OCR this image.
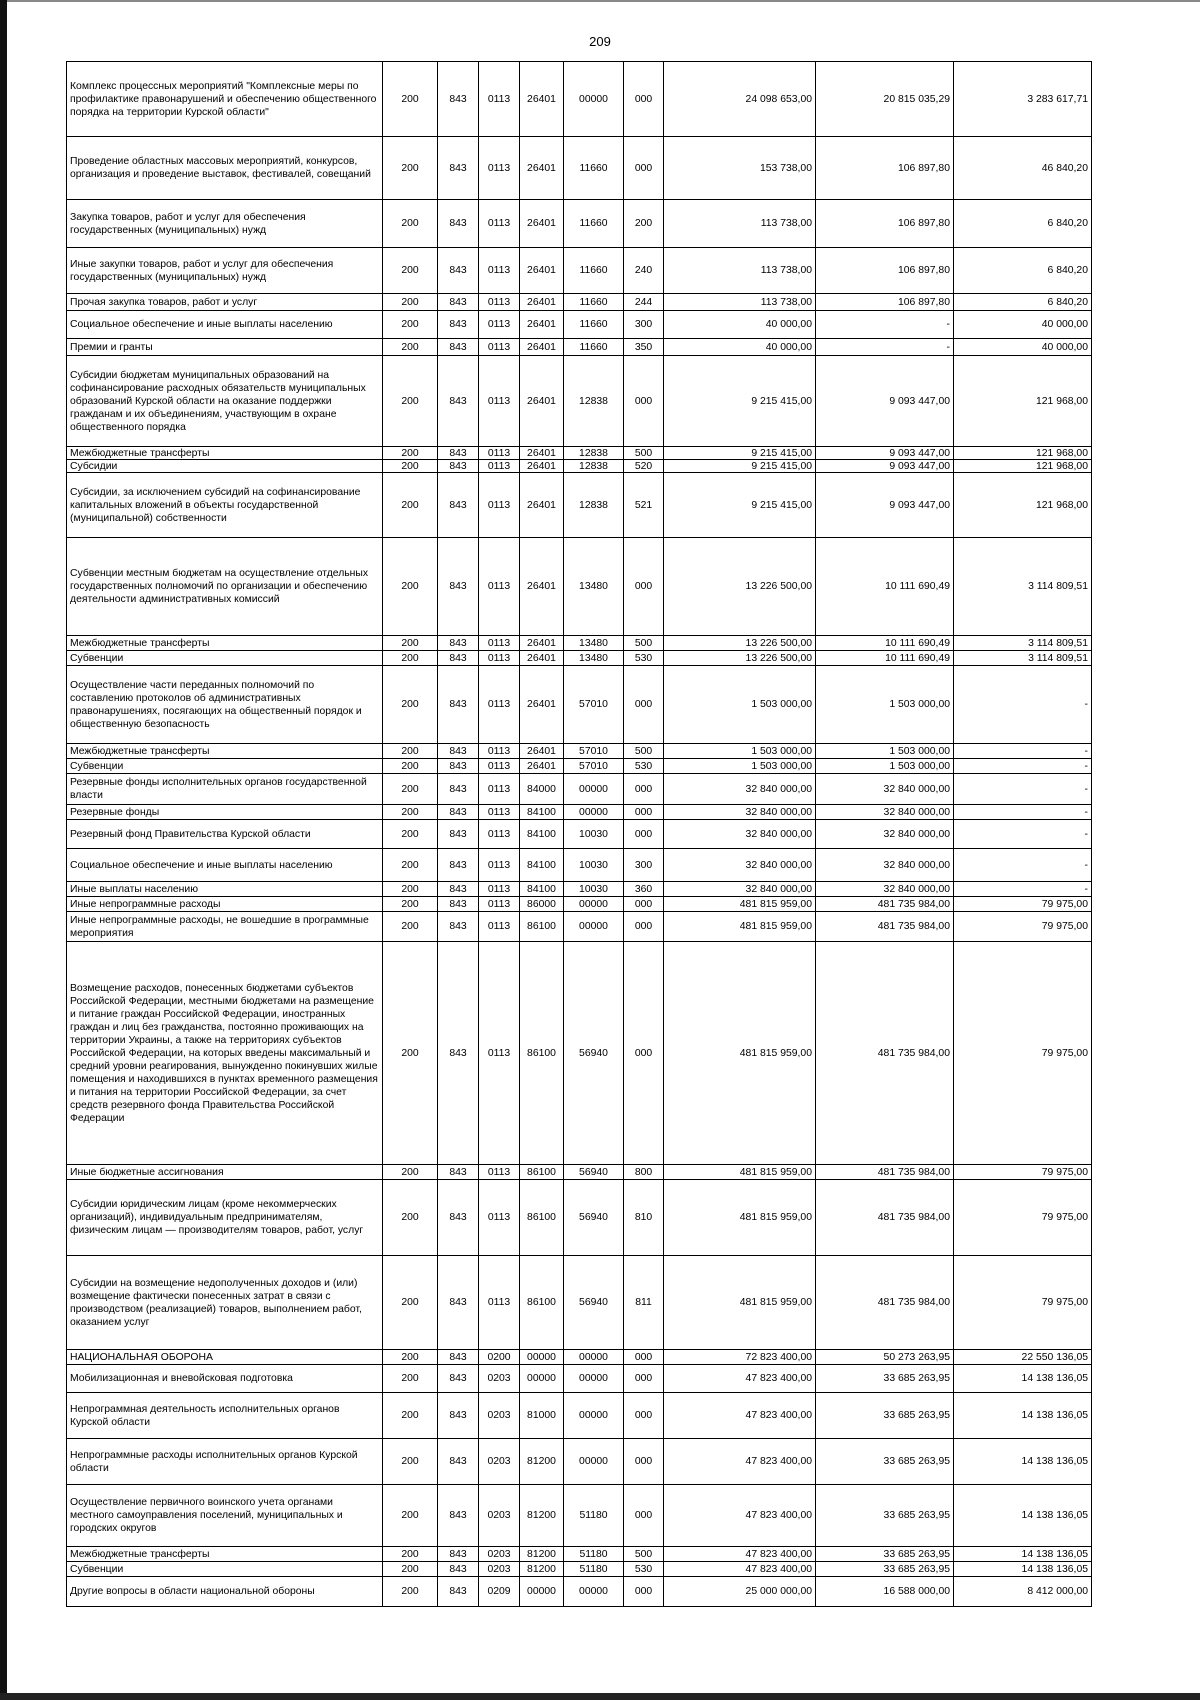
209
Комплекс процессных мероприятий "Комплексные меры по профилактике правонарушений и обеспечению общественного порядка на территории Курской области"	200	843	0113	26401	00000	000	24 098 653,00	20 815 035,29	3 283 617,71
Проведение областных массовых мероприятий, конкурсов, организация и проведение выставок, фестивалей, совещаний	200	843	0113	26401	11660	000	153 738,00	106 897,80	46 840,20
Закупка товаров, работ и услуг для обеспечения государственных (муниципальных) нужд	200	843	0113	26401	11660	200	113 738,00	106 897,80	6 840,20
Иные закупки товаров, работ и услуг для обеспечения государственных (муниципальных) нужд	200	843	0113	26401	11660	240	113 738,00	106 897,80	6 840,20
Прочая закупка товаров, работ и услуг	200	843	0113	26401	11660	244	113 738,00	106 897,80	6 840,20
Социальное обеспечение и иные выплаты населению	200	843	0113	26401	11660	300	40 000,00	-	40 000,00
Премии и гранты	200	843	0113	26401	11660	350	40 000,00	-	40 000,00
Субсидии бюджетам муниципальных образований на софинансирование расходных обязательств муниципальных образований Курской области на оказание поддержки гражданам и их объединениям, участвующим в охране общественного порядка	200	843	0113	26401	12838	000	9 215 415,00	9 093 447,00	121 968,00
Межбюджетные трансферты	200	843	0113	26401	12838	500	9 215 415,00	9 093 447,00	121 968,00
Субсидии	200	843	0113	26401	12838	520	9 215 415,00	9 093 447,00	121 968,00
Субсидии, за исключением субсидий на софинансирование капитальных вложений в объекты государственной (муниципальной) собственности	200	843	0113	26401	12838	521	9 215 415,00	9 093 447,00	121 968,00
Субвенции местным бюджетам на осуществление отдельных государственных полномочий по организации и обеспечению деятельности административных комиссий	200	843	0113	26401	13480	000	13 226 500,00	10 111 690,49	3 114 809,51
Межбюджетные трансферты	200	843	0113	26401	13480	500	13 226 500,00	10 111 690,49	3 114 809,51
Субвенции	200	843	0113	26401	13480	530	13 226 500,00	10 111 690,49	3 114 809,51
Осуществление части переданных полномочий по составлению протоколов об административных правонарушениях, посягающих на общественный порядок и общественную безопасность	200	843	0113	26401	57010	000	1 503 000,00	1 503 000,00	-
Межбюджетные трансферты	200	843	0113	26401	57010	500	1 503 000,00	1 503 000,00	-
Субвенции	200	843	0113	26401	57010	530	1 503 000,00	1 503 000,00	-
Резервные фонды исполнительных органов государственной власти	200	843	0113	84000	00000	000	32 840 000,00	32 840 000,00	-
Резервные фонды	200	843	0113	84100	00000	000	32 840 000,00	32 840 000,00	-
Резервный фонд Правительства Курской области	200	843	0113	84100	10030	000	32 840 000,00	32 840 000,00	-
Социальное обеспечение и иные выплаты населению	200	843	0113	84100	10030	300	32 840 000,00	32 840 000,00	-
Иные выплаты населению	200	843	0113	84100	10030	360	32 840 000,00	32 840 000,00	-
Иные непрограммные расходы	200	843	0113	86000	00000	000	481 815 959,00	481 735 984,00	79 975,00
Иные непрограммные расходы, не вошедшие в программные мероприятия	200	843	0113	86100	00000	000	481 815 959,00	481 735 984,00	79 975,00
Возмещение расходов, понесенных бюджетами субъектов Российской Федерации, местными бюджетами на размещение и питание граждан Российской Федерации, иностранных граждан и лиц без гражданства, постоянно проживающих на территории Украины, а также на территориях субъектов Российской Федерации, на которых введены максимальный и средний уровни реагирования, вынужденно покинувших жилые помещения и находившихся в пунктах временного размещения и питания на территории Российской Федерации, за счет средств резервного фонда Правительства Российской Федерации	200	843	0113	86100	56940	000	481 815 959,00	481 735 984,00	79 975,00
Иные бюджетные ассигнования	200	843	0113	86100	56940	800	481 815 959,00	481 735 984,00	79 975,00
Субсидии юридическим лицам (кроме некоммерческих организаций), индивидуальным предпринимателям, физическим лицам — производителям товаров, работ, услуг	200	843	0113	86100	56940	810	481 815 959,00	481 735 984,00	79 975,00
Субсидии на возмещение недополученных доходов и (или) возмещение фактически понесенных затрат в связи с производством (реализацией) товаров, выполнением работ, оказанием услуг	200	843	0113	86100	56940	811	481 815 959,00	481 735 984,00	79 975,00
НАЦИОНАЛЬНАЯ ОБОРОНА	200	843	0200	00000	00000	000	72 823 400,00	50 273 263,95	22 550 136,05
Мобилизационная и вневойсковая подготовка	200	843	0203	00000	00000	000	47 823 400,00	33 685 263,95	14 138 136,05
Непрограммная деятельность исполнительных органов Курской области	200	843	0203	81000	00000	000	47 823 400,00	33 685 263,95	14 138 136,05
Непрограммные расходы исполнительных органов Курской области	200	843	0203	81200	00000	000	47 823 400,00	33 685 263,95	14 138 136,05
Осуществление первичного воинского учета органами местного самоуправления поселений, муниципальных и городских округов	200	843	0203	81200	51180	000	47 823 400,00	33 685 263,95	14 138 136,05
Межбюджетные трансферты	200	843	0203	81200	51180	500	47 823 400,00	33 685 263,95	14 138 136,05
Субвенции	200	843	0203	81200	51180	530	47 823 400,00	33 685 263,95	14 138 136,05
Другие вопросы в области национальной обороны	200	843	0209	00000	00000	000	25 000 000,00	16 588 000,00	8 412 000,00
